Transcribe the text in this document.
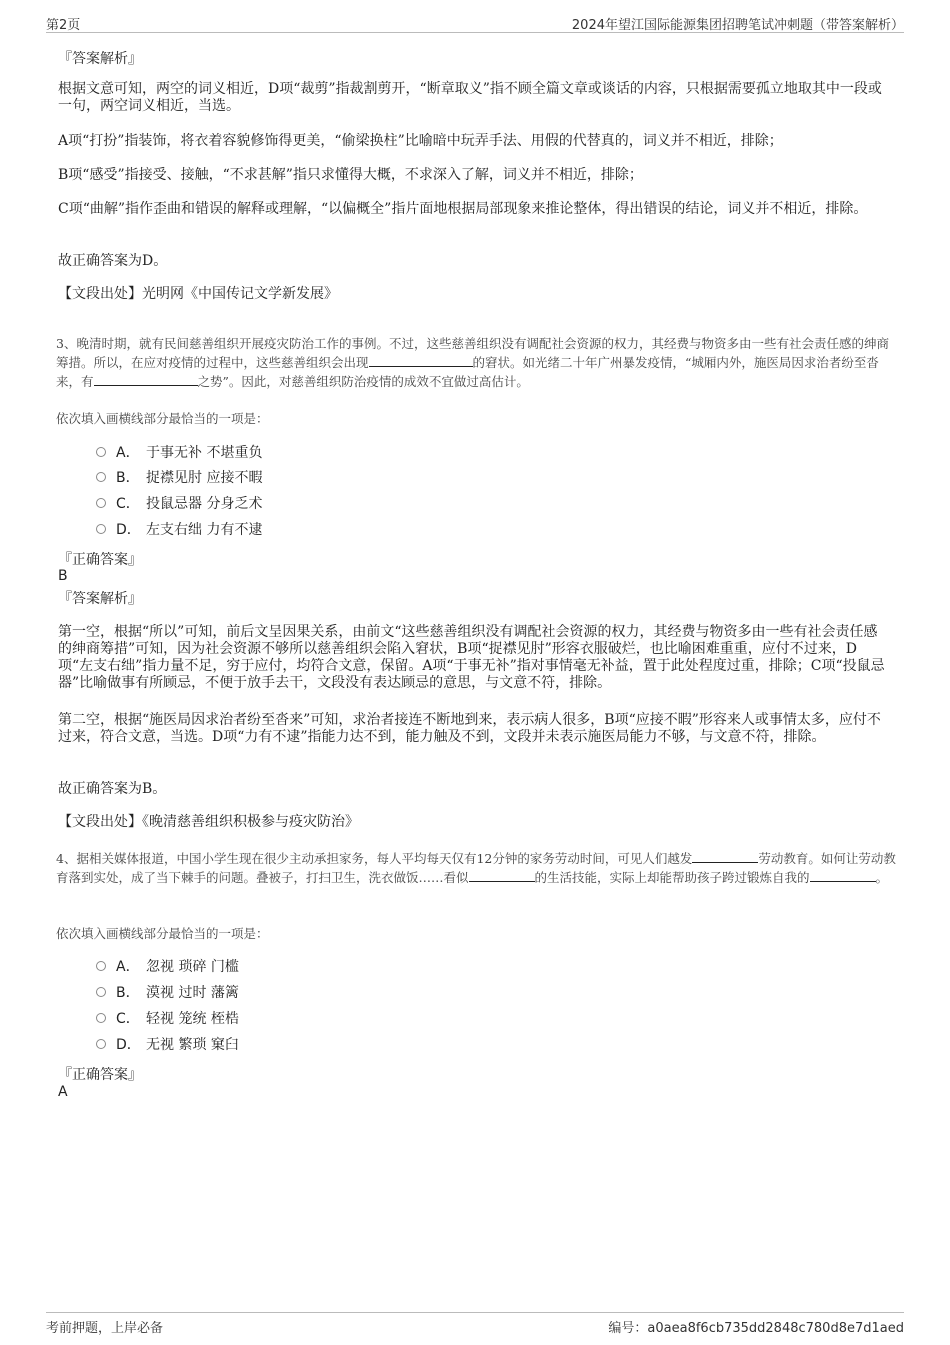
第2页	2024年望江国际能源集团招聘笔试冲刺题（带答案解析）
『答案解析』
根据文意可知，两空的词义相近，D项“裁剪”指裁割剪开，“断章取义”指不顾全篇文章或谈话的内容，只根据需要孤立地取其中一段或一句，两空词义相近，当选。
A项“打扮”指装饰，将衣着容貌修饰得更美，“偷梁换柱”比喻暗中玩弄手法、用假的代替真的，词义并不相近，排除；
B项“感受”指接受、接触，“不求甚解”指只求懂得大概，不求深入了解，词义并不相近，排除；
C项“曲解”指作歪曲和错误的解释或理解，“以偏概全”指片面地根据局部现象来推论整体，得出错误的结论，词义并不相近，排除。
故正确答案为D。
【文段出处】光明网《中国传记文学新发展》
3、晚清时期，就有民间慈善组织开展疫灾防治工作的事例。不过，这些慈善组织没有调配社会资源的权力，其经费与物资多由一些有社会责任感的绅商筹措。所以，在应对疫情的过程中，这些慈善组织会出现	的窘状。如光绪二十年广州暴发疫情，“城厢内外，施医局因求治者纷至沓来，有	之势”。因此，对慈善组织防治疫情的成效不宜做过高估计。
依次填入画横线部分最恰当的一项是：
A． 于事无补 不堪重负
B． 捉襟见肘 应接不暇
C． 投鼠忌器 分身乏术
D． 左支右绌 力有不逮
『正确答案』
B
『答案解析』
第一空，根据“所以”可知，前后文呈因果关系，由前文“这些慈善组织没有调配社会资源的权力，其经费与物资多由一些有社会责任感的绅商筹措”可知，因为社会资源不够所以慈善组织会陷入窘状，B项“捉襟见肘”形容衣服破烂，也比喻困难重重，应付不过来，D项“左支右绌”指力量不足，穷于应付，均符合文意，保留。A项“于事无补”指对事情毫无补益，置于此处程度过重，排除；C项“投鼠忌器”比喻做事有所顾忌，不便于放手去干，文段没有表达顾忌的意思，与文意不符，排除。
第二空，根据“施医局因求治者纷至沓来”可知，求治者接连不断地到来，表示病人很多，B项“应接不暇”形容来人或事情太多，应付不过来，符合文意，当选。D项“力有不逮”指能力达不到，能力触及不到，文段并未表示施医局能力不够，与文意不符，排除。
故正确答案为B。
【文段出处】《晚清慈善组织积极参与疫灾防治》
4、据相关媒体报道，中国小学生现在很少主动承担家务，每人平均每天仅有12分钟的家务劳动时间，可见人们越发	劳动教育。如何让劳动教育落到实处，成了当下棘手的问题。叠被子，打扫卫生，洗衣做饭……看似	的生活技能，实际上却能帮助孩子跨过锻炼自我的	。
依次填入画横线部分最恰当的一项是：
A． 忽视 琐碎 门槛
B． 漠视 过时 藩篱
C． 轻视 笼统 桎梏
D． 无视 繁琐 窠臼
『正确答案』
A
考前押题，上岸必备	编号：a0aea8f6cb735dd2848c780d8e7d1aed
